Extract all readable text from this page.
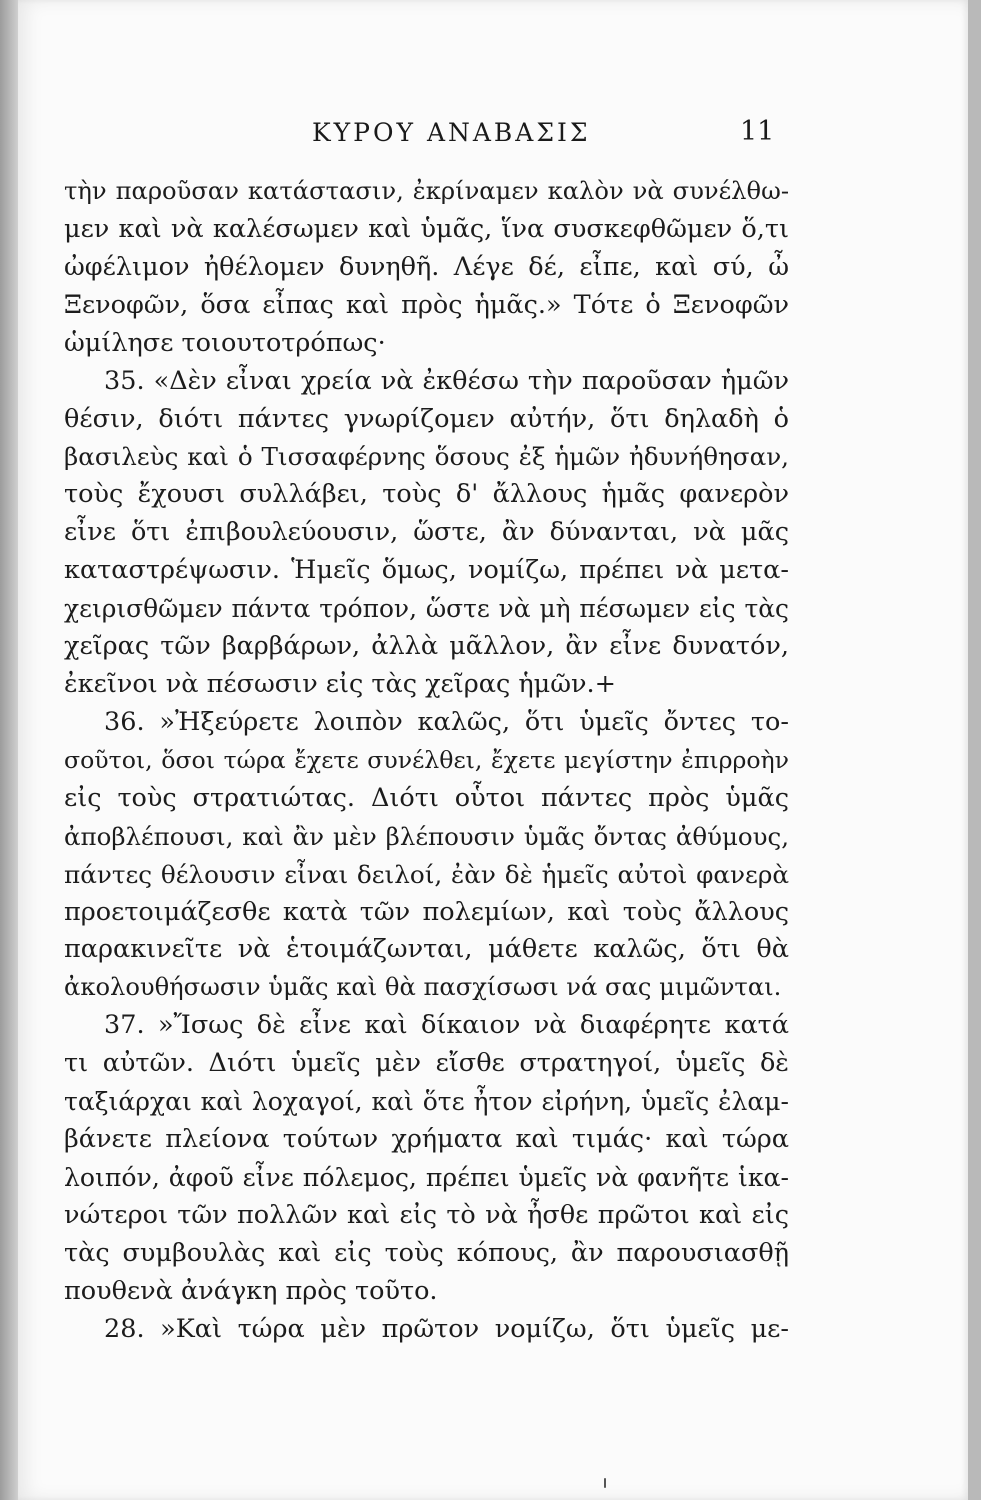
ΚΥΡΟΥ ΑΝΑΒΑΣΙΣ	11
τὴν παροῦσαν κατάστασιν, ἐκρίναμεν καλὸν νὰ συνέλθω-
μεν καὶ νὰ καλέσωμεν καὶ ὑμᾶς, ἵνα συσκεφθῶμεν ὅ,τι
ὠφέλιμον ἠθέλομεν δυνηθῆ. Λέγε δέ, εἶπε, καὶ σύ, ὦ
Ξενοφῶν, ὅσα εἶπας καὶ πρὸς ἡμᾶς.» Τότε ὁ Ξενοφῶν
ὡμίλησε τοιουτοτρόπως·
35. «Δὲν εἶναι χρεία νὰ ἐκθέσω τὴν παροῦσαν ἡμῶν
θέσιν, διότι πάντες γνωρίζομεν αὐτήν, ὅτι δηλαδὴ ὁ
βασιλεὺς καὶ ὁ Τισσαφέρνης ὅσους ἐξ ἡμῶν ἠδυνήθησαν,
τοὺς ἔχουσι συλλάβει, τοὺς δ' ἄλλους ἡμᾶς φανερὸν
εἶνε ὅτι ἐπιβουλεύουσιν, ὥστε, ἂν δύνανται, νὰ μᾶς
καταστρέψωσιν. Ἡμεῖς ὅμως, νομίζω, πρέπει νὰ μετα-
χειρισθῶμεν πάντα τρόπον, ὥστε νὰ μὴ πέσωμεν εἰς τὰς
χεῖρας τῶν βαρβάρων, ἀλλὰ μᾶλλον, ἂν εἶνε δυνατόν,
ἐκεῖνοι νὰ πέσωσιν εἰς τὰς χεῖρας ἡμῶν.+
36. »Ἠξεύρετε λοιπὸν καλῶς, ὅτι ὑμεῖς ὄντες το-
σοῦτοι, ὅσοι τώρα ἔχετε συνέλθει, ἔχετε μεγίστην ἐπιρροὴν
εἰς τοὺς στρατιώτας. Διότι οὗτοι πάντες πρὸς ὑμᾶς
ἀποβλέπουσι, καὶ ἂν μὲν βλέπουσιν ὑμᾶς ὄντας ἀθύμους,
πάντες θέλουσιν εἶναι δειλοί, ἐὰν δὲ ἡμεῖς αὐτοὶ φανερὰ
προετοιμάζεσθε κατὰ τῶν πολεμίων, καὶ τοὺς ἄλλους
παρακινεῖτε νὰ ἑτοιμάζωνται, μάθετε καλῶς, ὅτι θὰ
ἀκολουθήσωσιν ὑμᾶς καὶ θὰ πασχίσωσι νά σας μιμῶνται.
37. »Ἴσως δὲ εἶνε καὶ δίκαιον νὰ διαφέρητε κατά
τι αὐτῶν. Διότι ὑμεῖς μὲν εἴσθε στρατηγοί, ὑμεῖς δὲ
ταξιάρχαι καὶ λοχαγοί, καὶ ὅτε ἦτον εἰρήνη, ὑμεῖς ἐλαμ-
βάνετε πλείονα τούτων χρήματα καὶ τιμάς· καὶ τώρα
λοιπόν, ἀφοῦ εἶνε πόλεμος, πρέπει ὑμεῖς νὰ φανῆτε ἱκα-
νώτεροι τῶν πολλῶν καὶ εἰς τὸ νὰ ἦσθε πρῶτοι καὶ εἰς
τὰς συμβουλὰς καὶ εἰς τοὺς κόπους, ἂν παρουσιασθῇ
πουθενὰ ἀνάγκη πρὸς τοῦτο.
28. »Καὶ τώρα μὲν πρῶτον νομίζω, ὅτι ὑμεῖς με-
